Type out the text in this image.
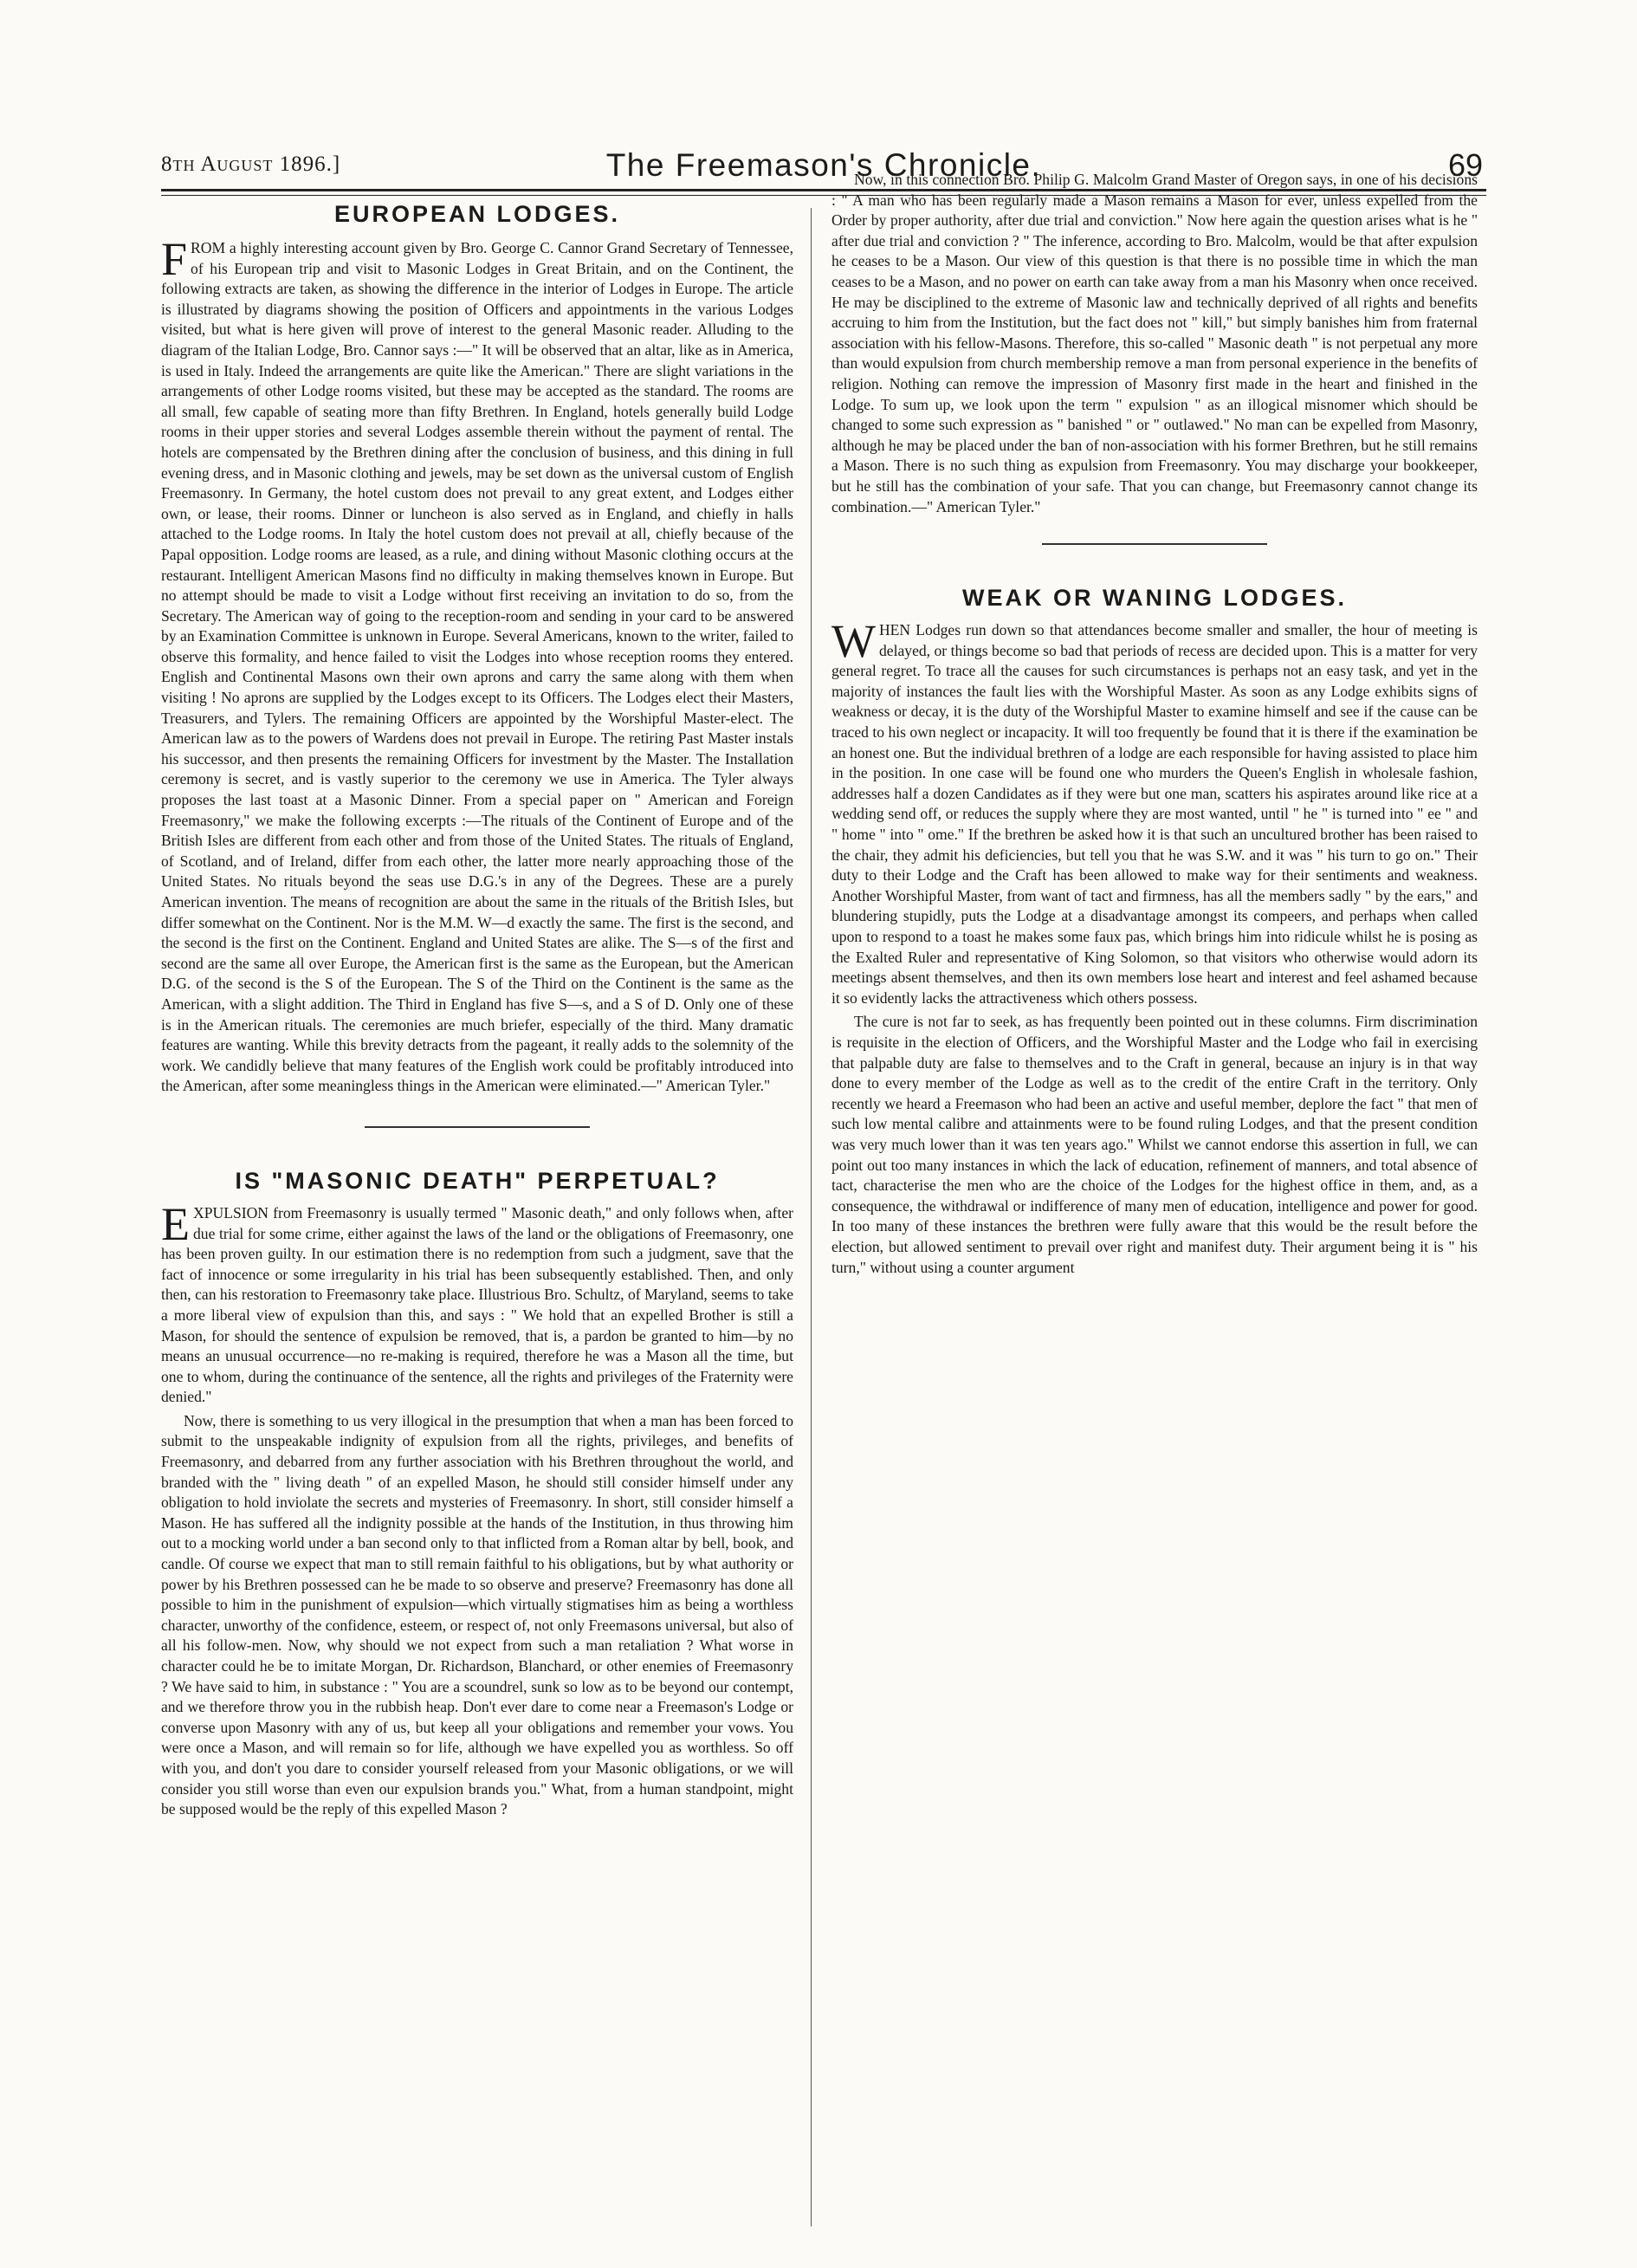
8th August 1896.]	The Freemason's Chronicle.	69
EUROPEAN LODGES.

FROM a highly interesting account given by Bro. George C. Cannor Grand Secretary of Tennessee, of his European trip and visit to Masonic Lodges in Great Britain, and on the Continent, the following extracts are taken, as showing the difference in the interior of Lodges in Europe. The article is illustrated by diagrams showing the position of Officers and appointments in the various Lodges visited, but what is here given will prove of interest to the general Masonic reader. Alluding to the diagram of the Italian Lodge, Bro. Cannor says :—" It will be observed that an altar, like as in America, is used in Italy. Indeed the arrangements are quite like the American." There are slight variations in the arrangements of other Lodge rooms visited, but these may be accepted as the standard. The rooms are all small, few capable of seating more than fifty Brethren. In England, hotels generally build Lodge rooms in their upper stories and several Lodges assemble therein without the payment of rental. The hotels are compensated by the Brethren dining after the conclusion of business, and this dining in full evening dress, and in Masonic clothing and jewels, may be set down as the universal custom of English Freemasonry. In Germany, the hotel custom does not prevail to any great extent, and Lodges either own, or lease, their rooms. Dinner or luncheon is also served as in England, and chiefly in halls attached to the Lodge rooms. In Italy the hotel custom does not prevail at all, chiefly because of the Papal opposition. Lodge rooms are leased, as a rule, and dining without Masonic clothing occurs at the restaurant. Intelligent American Masons find no difficulty in making themselves known in Europe. But no attempt should be made to visit a Lodge without first receiving an invitation to do so, from the Secretary. The American way of going to the reception-room and sending in your card to be answered by an Examination Committee is unknown in Europe. Several Americans, known to the writer, failed to observe this formality, and hence failed to visit the Lodges into whose reception rooms they entered. English and Continental Masons own their own aprons and carry the same along with them when visiting ! No aprons are supplied by the Lodges except to its Officers. The Lodges elect their Masters, Treasurers, and Tylers. The remaining Officers are appointed by the Worshipful Master-elect. The American law as to the powers of Wardens does not prevail in Europe. The retiring Past Master instals his successor, and then presents the remaining Officers for investment by the Master. The Installation ceremony is secret, and is vastly superior to the ceremony we use in America. The Tyler always proposes the last toast at a Masonic Dinner. From a special paper on " American and Foreign Freemasonry," we make the following excerpts :—The rituals of the Continent of Europe and of the British Isles are different from each other and from those of the United States. The rituals of England, of Scotland, and of Ireland, differ from each other, the latter more nearly approaching those of the United States. No rituals beyond the seas use D.G.'s in any of the Degrees. These are a purely American invention. The means of recognition are about the same in the rituals of the British Isles, but differ somewhat on the Continent. Nor is the M.M. W—d exactly the same. The first is the second, and the second is the first on the Continent. England and United States are alike. The S—s of the first and second are the same all over Europe, the American first is the same as the European, but the American D.G. of the second is the S of the European. The S of the Third on the Continent is the same as the American, with a slight addition. The Third in England has five S—s, and a S of D. Only one of these is in the American rituals. The ceremonies are much briefer, especially of the third. Many dramatic features are wanting. While this brevity detracts from the pageant, it really adds to the solemnity of the work. We candidly believe that many features of the English work could be profitably introduced into the American, after some meaningless things in the American were eliminated.—" American Tyler."

IS "MASONIC DEATH" PERPETUAL?

EXPULSION from Freemasonry is usually termed " Masonic death," and only follows when, after due trial for some crime, either against the laws of the land or the obligations of Freemasonry, one has been proven guilty. In our estimation there is no redemption from such a judgment, save that the fact of innocence or some irregularity in his trial has been subsequently established. Then, and only then, can his restoration to Freemasonry take place. Illustrious Bro. Schultz, of Maryland, seems to take a more liberal view of expulsion than this, and says : " We hold that an expelled Brother is still a Mason, for should the sentence of expulsion be removed, that is, a pardon be granted to him—by no means an unusual occurrence—no re-making is required, therefore he was a Mason all the time, but one to whom, during the continuance of the sentence, all the rights and privileges of the Fraternity were denied."

Now, there is something to us very illogical in the presumption that when a man has been forced to submit to the unspeakable indignity of expulsion from all the rights, privileges, and benefits of Freemasonry, and debarred from any further association with his Brethren throughout the world, and branded with the " living death " of an expelled Mason, he should still consider himself under any obligation to hold inviolate the secrets and mysteries of Freemasonry. In short, still consider himself a Mason. He has suffered all the indignity possible at the hands of the Institution, in thus throwing him out to a mocking world under a ban second only to that inflicted from a Roman altar by bell, book, and candle. Of course we expect that man to still remain faithful to his obligations, but by what authority or power by his Brethren possessed can he be made to so observe and preserve? Freemasonry has done all possible to him in the punishment of expulsion—which virtually stigmatises him as being a worthless character, unworthy of the confidence, esteem, or respect of, not only Freemasons universal, but also of all his follow-men. Now, why should we not expect from such a man retaliation ? What worse in character could he be to imitate Morgan, Dr. Richardson, Blanchard, or other enemies of Freemasonry ? We have said to him, in substance : " You are a scoundrel, sunk so low as to be beyond our contempt, and we therefore throw you in the rubbish heap. Don't ever dare to come near a Freemason's Lodge or converse upon Masonry with any of us, but keep all your obligations and remember your vows. You were once a Mason, and will remain so for life, although we have expelled you as worthless. So off with you, and don't you dare to consider yourself released from your Masonic obligations, or we will consider you still worse than even our expulsion brands you." What, from a human standpoint, might be supposed would be the reply of this expelled Mason ?

Now, in this connection Bro. Philip G. Malcolm Grand Master of Oregon says, in one of his decisions : " A man who has been regularly made a Mason remains a Mason for ever, unless expelled from the Order by proper authority, after due trial and conviction." Now here again the question arises what is he " after due trial and conviction ? " The inference, according to Bro. Malcolm, would be that after expulsion he ceases to be a Mason. Our view of this question is that there is no possible time in which the man ceases to be a Mason, and no power on earth can take away from a man his Masonry when once received. He may be disciplined to the extreme of Masonic law and technically deprived of all rights and benefits accruing to him from the Institution, but the fact does not " kill," but simply banishes him from fraternal association with his fellow-Masons. Therefore, this so-called " Masonic death " is not perpetual any more than would expulsion from church membership remove a man from personal experience in the benefits of religion. Nothing can remove the impression of Masonry first made in the heart and finished in the Lodge. To sum up, we look upon the term " expulsion " as an illogical misnomer which should be changed to some such expression as " banished " or " outlawed." No man can be expelled from Masonry, although he may be placed under the ban of non-association with his former Brethren, but he still remains a Mason. There is no such thing as expulsion from Freemasonry. You may discharge your bookkeeper, but he still has the combination of your safe. That you can change, but Freemasonry cannot change its combination.—" American Tyler."

WEAK OR WANING LODGES.

WHEN Lodges run down so that attendances become smaller and smaller, the hour of meeting is delayed, or things become so bad that periods of recess are decided upon. This is a matter for very general regret. To trace all the causes for such circumstances is perhaps not an easy task, and yet in the majority of instances the fault lies with the Worshipful Master. As soon as any Lodge exhibits signs of weakness or decay, it is the duty of the Worshipful Master to examine himself and see if the cause can be traced to his own neglect or incapacity. It will too frequently be found that it is there if the examination be an honest one. But the individual brethren of a lodge are each responsible for having assisted to place him in the position. In one case will be found one who murders the Queen's English in wholesale fashion, addresses half a dozen Candidates as if they were but one man, scatters his aspirates around like rice at a wedding send off, or reduces the supply where they are most wanted, until " he " is turned into " ee " and " home " into " ome." If the brethren be asked how it is that such an uncultured brother has been raised to the chair, they admit his deficiencies, but tell you that he was S.W. and it was " his turn to go on." Their duty to their Lodge and the Craft has been allowed to make way for their sentiments and weakness. Another Worshipful Master, from want of tact and firmness, has all the members sadly " by the ears," and blundering stupidly, puts the Lodge at a disadvantage amongst its compeers, and perhaps when called upon to respond to a toast he makes some faux pas, which brings him into ridicule whilst he is posing as the Exalted Ruler and representative of King Solomon, so that visitors who otherwise would adorn its meetings absent themselves, and then its own members lose heart and interest and feel ashamed because it so evidently lacks the attractiveness which others possess.

The cure is not far to seek, as has frequently been pointed out in these columns. Firm discrimination is requisite in the election of Officers, and the Worshipful Master and the Lodge who fail in exercising that palpable duty are false to themselves and to the Craft in general, because an injury is in that way done to every member of the Lodge as well as to the credit of the entire Craft in the territory. Only recently we heard a Freemason who had been an active and useful member, deplore the fact " that men of such low mental calibre and attainments were to be found ruling Lodges, and that the present condition was very much lower than it was ten years ago." Whilst we cannot endorse this assertion in full, we can point out too many instances in which the lack of education, refinement of manners, and total absence of tact, characterise the men who are the choice of the Lodges for the highest office in them, and, as a consequence, the withdrawal or indifference of many men of education, intelligence and power for good. In too many of these instances the brethren were fully aware that this would be the result before the election, but allowed sentiment to prevail over right and manifest duty. Their argument being it is " his turn," without using a counter argument
